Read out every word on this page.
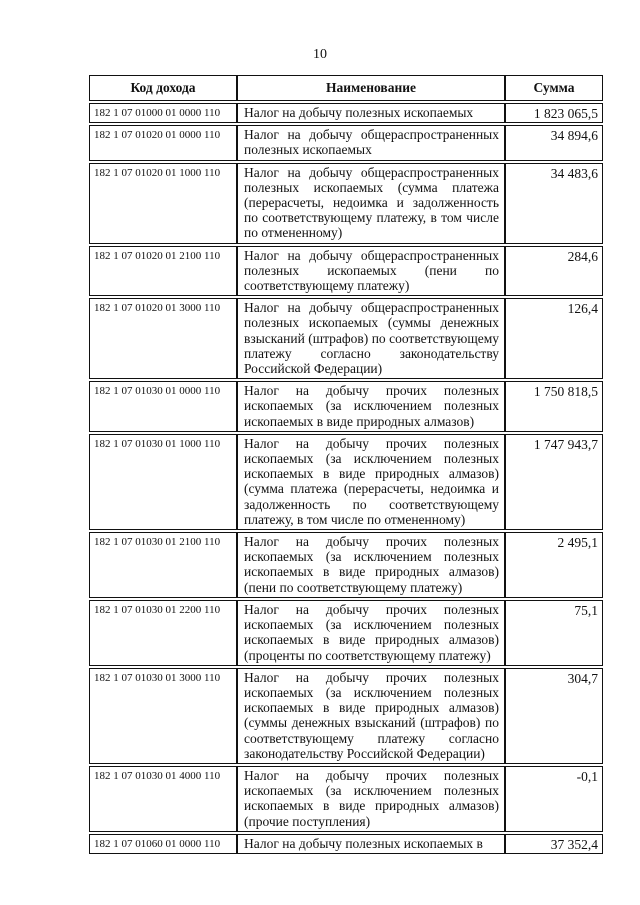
10
Код дохода	Наименование	Сумма
182 1 07 01000 01 0000 110	Налог на добычу полезных ископаемых	1 823 065,5
182 1 07 01020 01 0000 110	Налог на добычу общераспространенных полезных ископаемых	34 894,6
182 1 07 01020 01 1000 110	Налог на добычу общераспространенных полезных ископаемых (сумма платежа (перерасчеты, недоимка и задолженность по соответствующему платежу, в том числе по отмененному)	34 483,6
182 1 07 01020 01 2100 110	Налог на добычу общераспространенных полезных ископаемых (пени по соответствующему платежу)	284,6
182 1 07 01020 01 3000 110	Налог на добычу общераспространенных полезных ископаемых (суммы денежных взысканий (штрафов) по соответствующему платежу согласно законодательству Российской Федерации)	126,4
182 1 07 01030 01 0000 110	Налог на добычу прочих полезных ископаемых (за исключением полезных ископаемых в виде природных алмазов)	1 750 818,5
182 1 07 01030 01 1000 110	Налог на добычу прочих полезных ископаемых (за исключением полезных ископаемых в виде природных алмазов) (сумма платежа (перерасчеты, недоимка и задолженность по соответствующему платежу, в том числе по отмененному)	1 747 943,7
182 1 07 01030 01 2100 110	Налог на добычу прочих полезных ископаемых (за исключением полезных ископаемых в виде природных алмазов) (пени по соответствующему платежу)	2 495,1
182 1 07 01030 01 2200 110	Налог на добычу прочих полезных ископаемых (за исключением полезных ископаемых в виде природных алмазов) (проценты по соответствующему платежу)	75,1
182 1 07 01030 01 3000 110	Налог на добычу прочих полезных ископаемых (за исключением полезных ископаемых в виде природных алмазов) (суммы денежных взысканий (штрафов) по соответствующему платежу согласно законодательству Российской Федерации)	304,7
182 1 07 01030 01 4000 110	Налог на добычу прочих полезных ископаемых (за исключением полезных ископаемых в виде природных алмазов) (прочие поступления)	-0,1
182 1 07 01060 01 0000 110	Налог на добычу полезных ископаемых в	37 352,4
